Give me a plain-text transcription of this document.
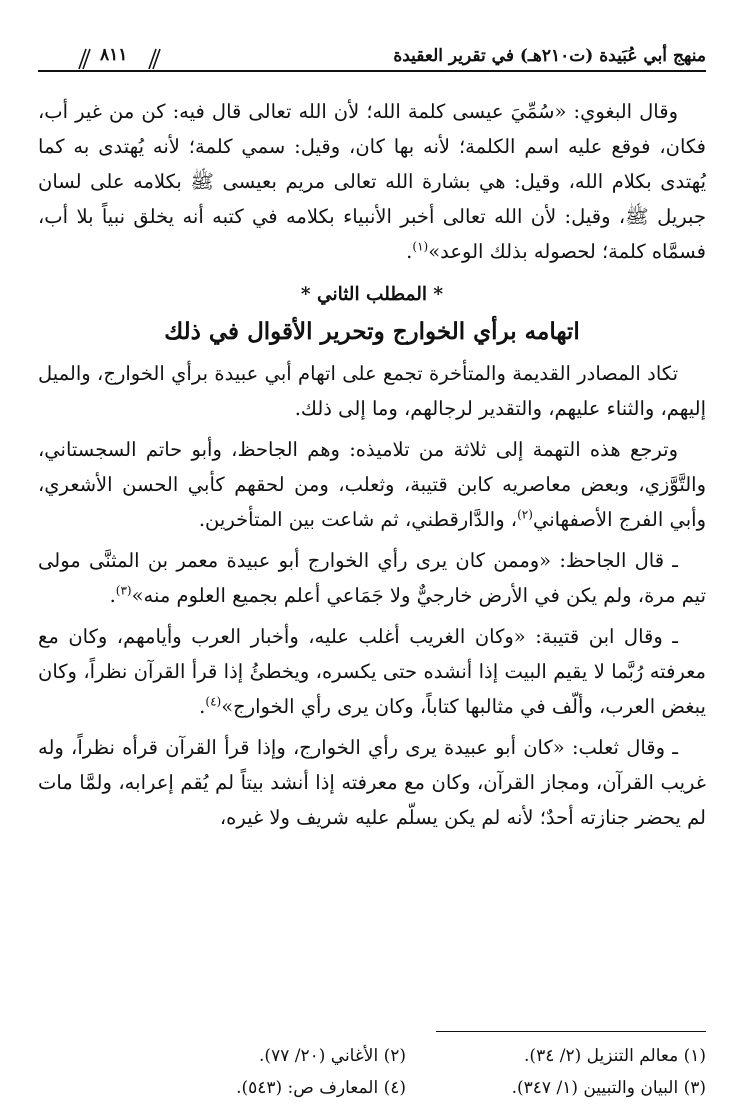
منهج أبي عُبَيدة (ت٢١٠هـ) في تقرير العقيدة
٨١١

وقال البغوي: «سُمِّيَ عيسى كلمة الله؛ لأن الله تعالى قال فيه: كن من غير أب، فكان، فوقع عليه اسم الكلمة؛ لأنه بها كان، وقيل: سمي كلمة؛ لأنه يُهتدى به كما يُهتدى بكلام الله، وقيل: هي بشارة الله تعالى مريم بعيسى ﷺ بكلامه على لسان جبريل ﷺ، وقيل: لأن الله تعالى أخبر الأنبياء بكلامه في كتبه أنه يخلق نبياً بلا أب، فسمَّاه كلمة؛ لحصوله بذلك الوعد»$^{(١)}$.

* المطلب الثاني *

اتهامه برأي الخوارج وتحرير الأقوال في ذلك

تكاد المصادر القديمة والمتأخرة تجمع على اتهام أبي عبيدة برأي الخوارج، والميل إليهم، والثناء عليهم، والتقدير لرجالهم، وما إلى ذلك.

وترجع هذه التهمة إلى ثلاثة من تلاميذه: وهم الجاحظ، وأبو حاتم السجستاني، والتَّوَّزي، وبعض معاصريه كابن قتيبة، وثعلب، ومن لحقهم كأبي الحسن الأشعري، وأبي الفرج الأصفهاني$^{(٢)}$، والدَّارقطني، ثم شاعت بين المتأخرين.

ـ قال الجاحظ: «وممن كان يرى رأي الخوارج أبو عبيدة معمر بن المثنَّى مولى تيم مرة، ولم يكن في الأرض خارجيٌّ ولا جَمَاعي أعلم بجميع العلوم منه»$^{(٣)}$.

ـ وقال ابن قتيبة: «وكان الغريب أغلب عليه، وأخبار العرب وأيامهم، وكان مع معرفته رُبَّما لا يقيم البيت إذا أنشده حتى يكسره، ويخطئُ إذا قرأ القرآن نظراً، وكان يبغض العرب، وألّف في مثالبها كتاباً، وكان يرى رأي الخوارج»$^{(٤)}$.

ـ وقال ثعلب: «كان أبو عبيدة يرى رأي الخوارج، وإذا قرأ القرآن قرأه نظراً، وله غريب القرآن، ومجاز القرآن، وكان مع معرفته إذا أنشد بيتاً لم يُقم إعرابه، ولمَّا مات لم يحضر جنازته أحدٌ؛ لأنه لم يكن يسلّم عليه شريف ولا غيره،

(١) معالم التنزيل (٢/ ٣٤).
(٢) الأغاني (٢٠/ ٧٧).
(٣) البيان والتبيين (١/ ٣٤٧).
(٤) المعارف ص: (٥٤٣).
